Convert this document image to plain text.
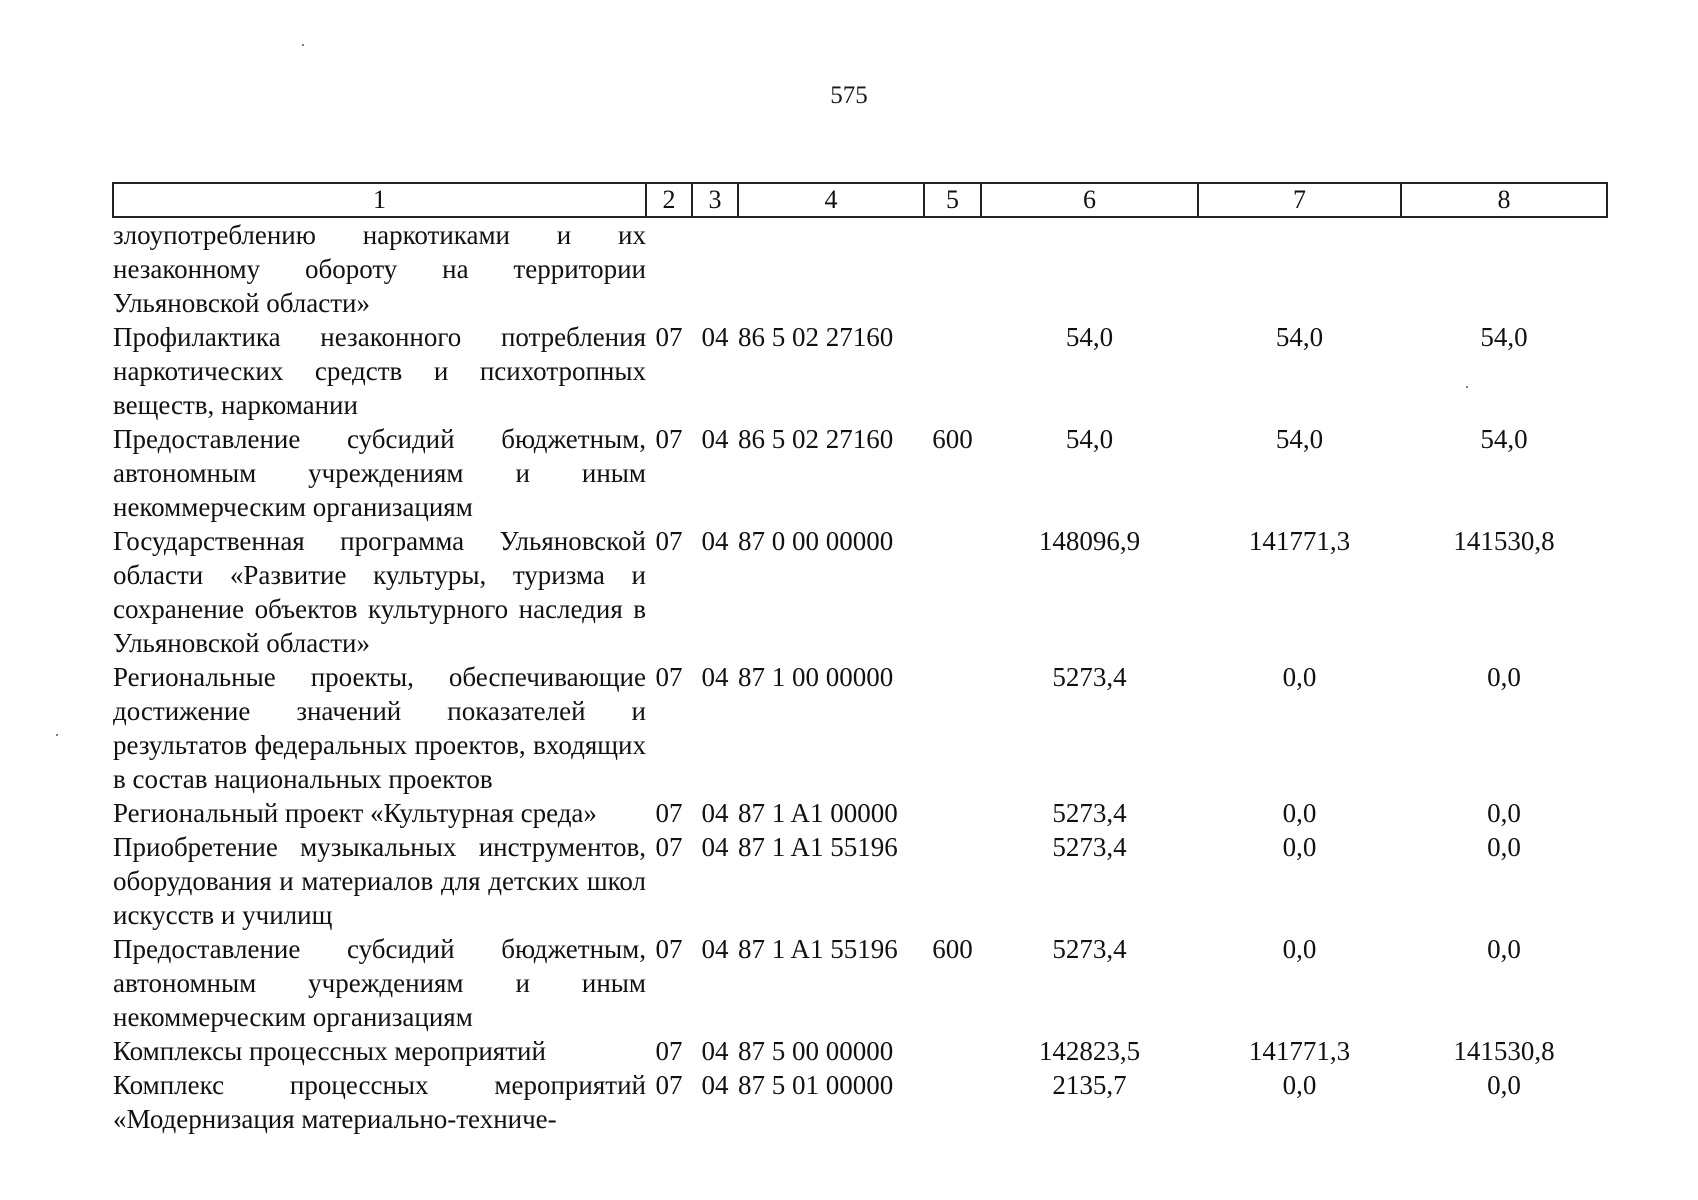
575
1	2	3	4	5	6	7	8
злоупотреблению наркотиками и их незаконному обороту на территории Ульяновской области»							
Профилактика незаконного потребления наркотических средств и психотропных веществ, наркомании	07	04	86 5 02 27160		54,0	54,0	54,0
Предоставление субсидий бюджетным, автономным учреждениям и иным некоммерческим организациям	07	04	86 5 02 27160	600	54,0	54,0	54,0
Государственная программа Ульяновской области «Развитие культуры, туризма и сохранение объектов культурного наследия в Ульяновской области»	07	04	87 0 00 00000		148096,9	141771,3	141530,8
Региональные проекты, обеспечивающие достижение значений показателей и результатов федеральных проектов, входящих в состав национальных проектов	07	04	87 1 00 00000		5273,4	0,0	0,0
Региональный проект «Культурная среда»	07	04	87 1 A1 00000		5273,4	0,0	0,0
Приобретение музыкальных инструментов, оборудования и материалов для детских школ искусств и училищ	07	04	87 1 A1 55196		5273,4	0,0	0,0
Предоставление субсидий бюджетным, автономным учреждениям и иным некоммерческим организациям	07	04	87 1 A1 55196	600	5273,4	0,0	0,0
Комплексы процессных мероприятий	07	04	87 5 00 00000		142823,5	141771,3	141530,8
Комплекс процессных мероприятий «Модернизация материально-техниче-	07	04	87 5 01 00000		2135,7	0,0	0,0
